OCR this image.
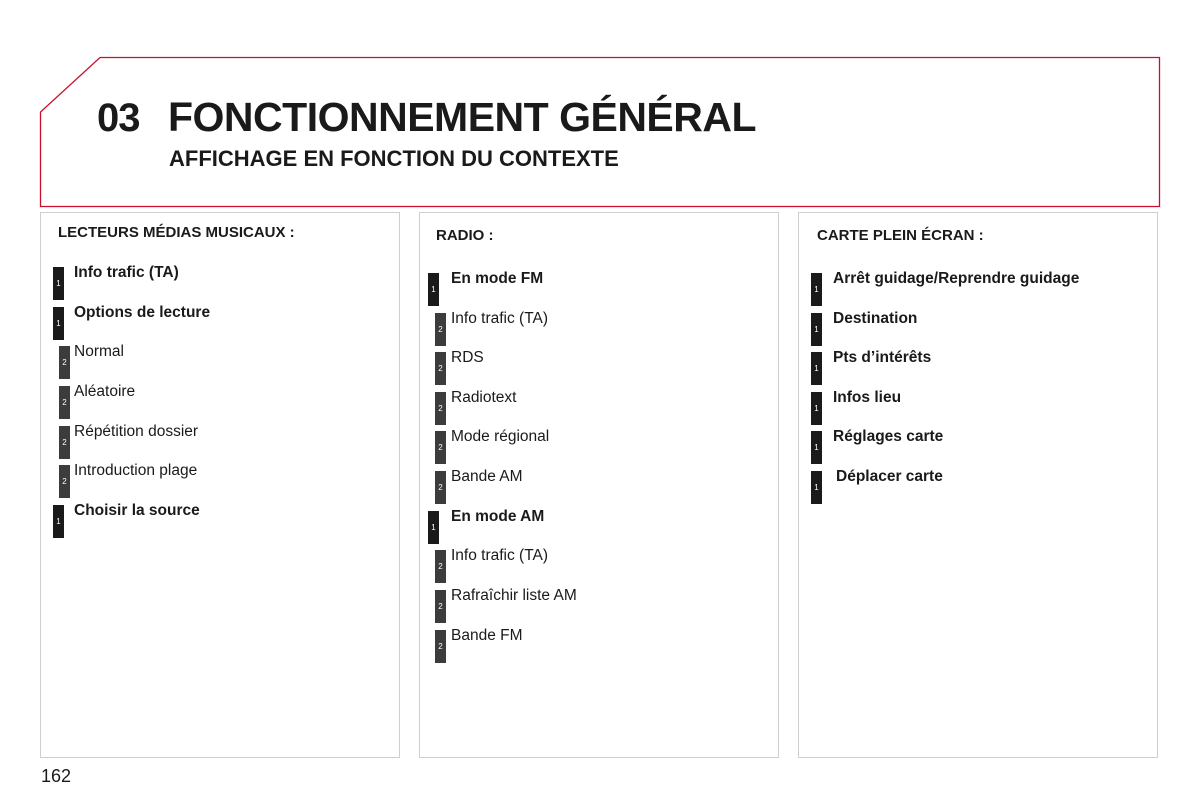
03 FONCTIONNEMENT GÉNÉRAL
AFFICHAGE EN FONCTION DU CONTEXTE
LECTEURS MÉDIAS MUSICAUX :
1
Info trafic (TA)
1
Options de lecture
2
Normal
2
Aléatoire
2
Répétition dossier
2
Introduction plage
1
Choisir la source
RADIO :
1
En mode FM
2
Info trafic (TA)
2
RDS
2
Radiotext
2
Mode régional
2
Bande AM
1
En mode AM
2
Info trafic (TA)
2
Rafraîchir liste AM
2
Bande FM
CARTE PLEIN ÉCRAN :
1
Arrêt guidage/Reprendre guidage
1
Destination
1
Pts d’intérêts
1
Infos lieu
1
Réglages carte
1
Déplacer carte
162
